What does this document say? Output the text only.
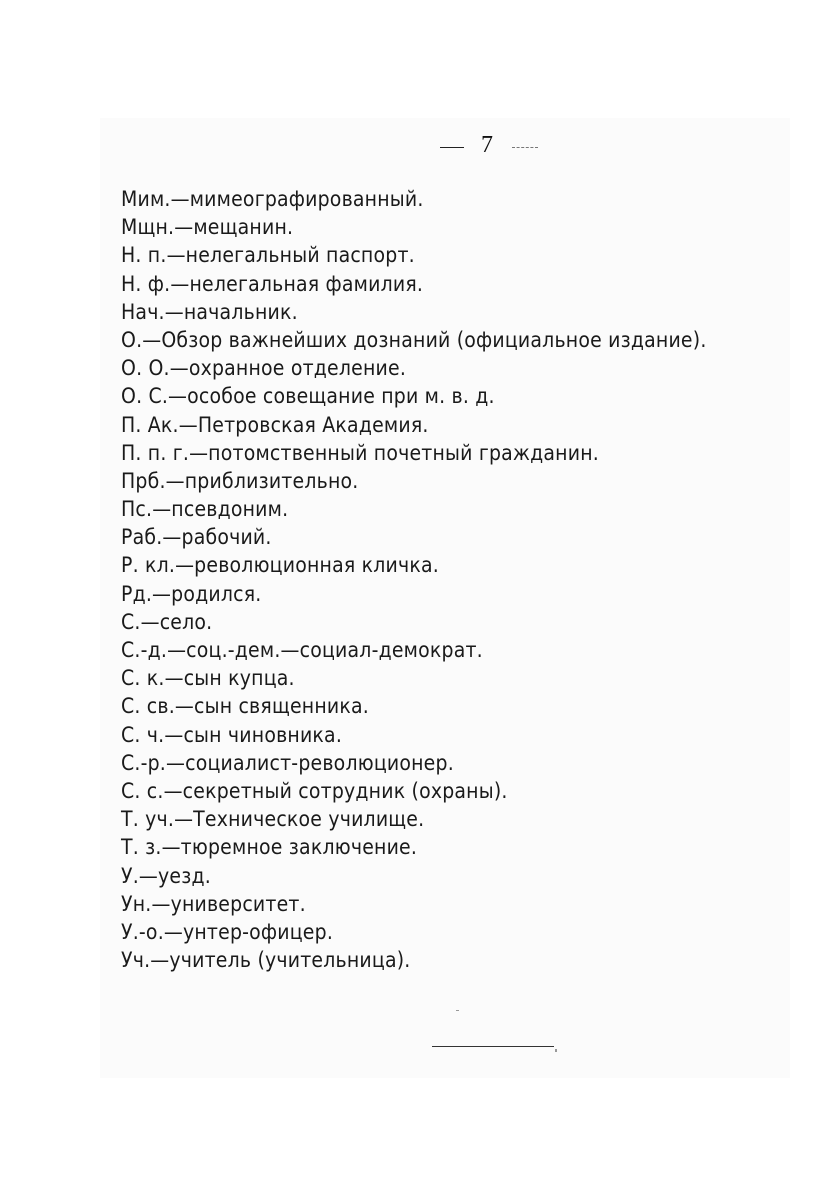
7
Мим.—мимеографированный.
Мщн.—мещанин.
Н. п.—нелегальный паспорт.
Н. ф.—нелегальная фамилия.
Нач.—начальник.
О.—Обзор важнейших дознаний (официальное издание).
О. О.—охранное отделение.
О. С.—особое совещание при м. в. д.
П. Ак.—Петровская Академия.
П. п. г.—потомственный почетный гражданин.
Прб.—приблизительно.
Пс.—псевдоним.
Раб.—рабочий.
Р. кл.—революционная кличка.
Рд.—родился.
С.—село.
С.-д.—соц.-дем.—социал-демократ.
С. к.—сын купца.
С. св.—сын священника.
С. ч.—сын чиновника.
С.-р.—социалист-революционер.
С. с.—секретный сотрудник (охраны).
Т. уч.—Техническое училище.
Т. з.—тюремное заключение.
У.—уезд.
Ун.—университет.
У.-о.—унтер-офицер.
Уч.—учитель (учительница).
